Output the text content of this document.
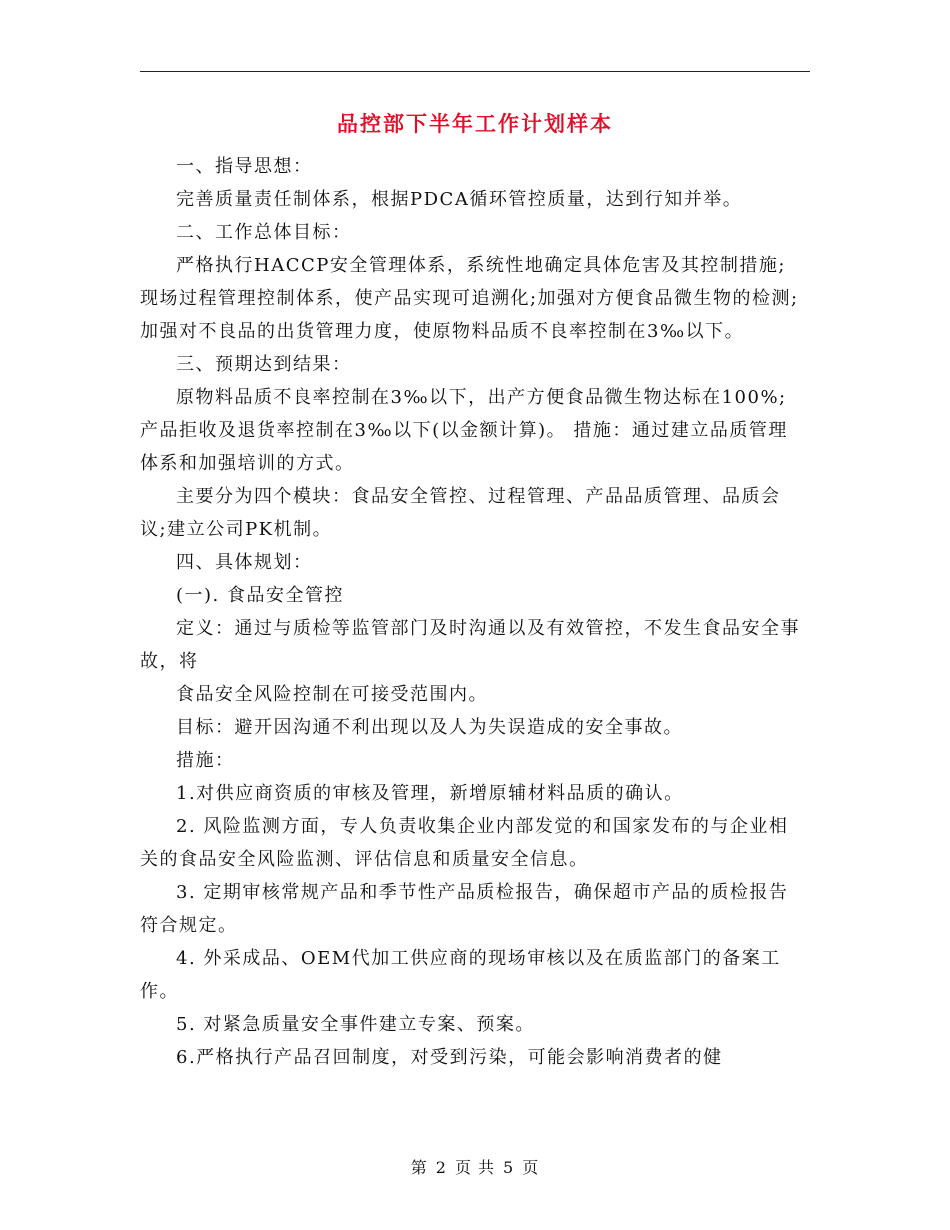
品控部下半年工作计划样本

一、指导思想：

完善质量责任制体系，根据PDCA循环管控质量，达到行知并举。

二、工作总体目标：

严格执行HACCP安全管理体系，系统性地确定具体危害及其控制措施;现场过程管理控制体系，使产品实现可追溯化;加强对方便食品微生物的检测;加强对不良品的出货管理力度，使原物料品质不良率控制在3‰以下。

三、预期达到结果：

原物料品质不良率控制在3‰以下，出产方便食品微生物达标在100%;产品拒收及退货率控制在3‰以下(以金额计算)。 措施：通过建立品质管理体系和加强培训的方式。

主要分为四个模块：食品安全管控、过程管理、产品品质管理、品质会议;建立公司PK机制。

四、具体规划：

(一). 食品安全管控

定义：通过与质检等监管部门及时沟通以及有效管控，不发生食品安全事故，将

食品安全风险控制在可接受范围内。

目标：避开因沟通不利出现以及人为失误造成的安全事故。

措施：

1.对供应商资质的审核及管理，新增原辅材料品质的确认。

2. 风险监测方面，专人负责收集企业内部发觉的和国家发布的与企业相关的食品安全风险监测、评估信息和质量安全信息。

3. 定期审核常规产品和季节性产品质检报告，确保超市产品的质检报告符合规定。

4. 外采成品、OEM代加工供应商的现场审核以及在质监部门的备案工作。

5. 对紧急质量安全事件建立专案、预案。

6.严格执行产品召回制度，对受到污染，可能会影响消费者的健

第 2 页 共 5 页
